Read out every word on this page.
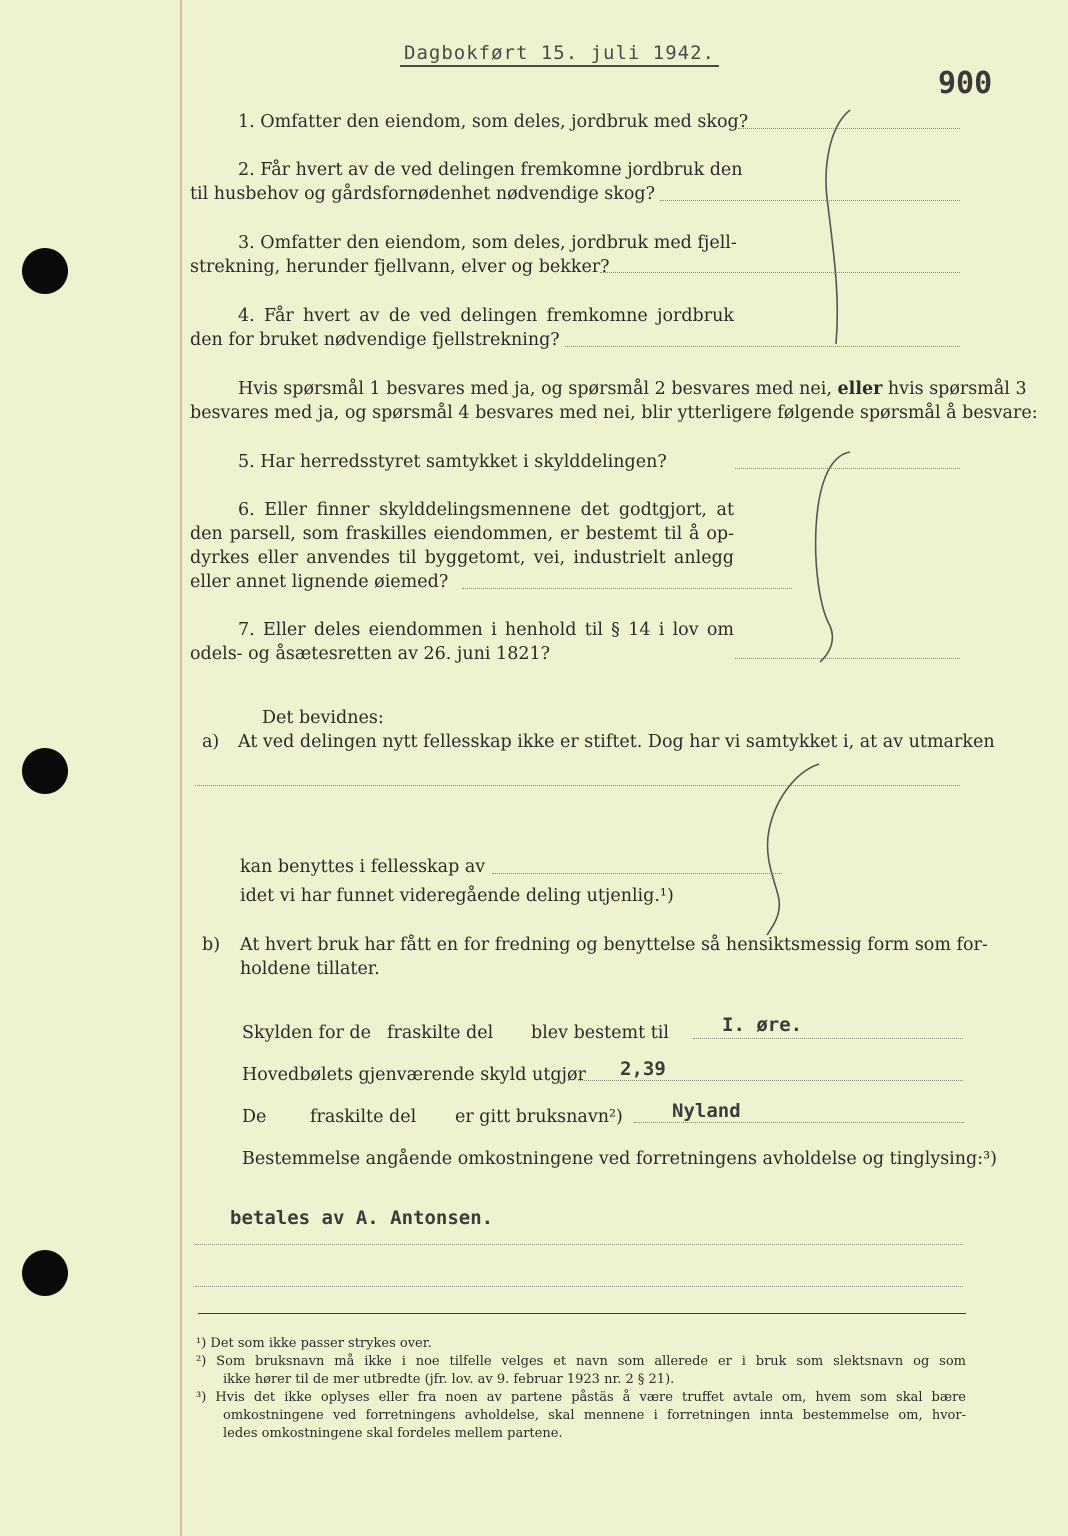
Dagbokført 15. juli 1942.
900
1. Omfatter den eiendom, som deles, jordbruk med skog?
2. Får hvert av de ved delingen fremkomne jordbruk den
til husbehov og gårdsfornødenhet nødvendige skog?
3. Omfatter den eiendom, som deles, jordbruk med fjell-
strekning, herunder fjellvann, elver og bekker?
4. Får hvert av de ved delingen fremkomne jordbruk
den for bruket nødvendige fjellstrekning?
Hvis spørsmål 1 besvares med ja, og spørsmål 2 besvares med nei, eller hvis spørsmål 3
besvares med ja, og spørsmål 4 besvares med nei, blir ytterligere følgende spørsmål å besvare:
5. Har herredsstyret samtykket i skylddelingen?
6. Eller finner skylddelingsmennene det godtgjort, at
den parsell, som fraskilles eiendommen, er bestemt til å op-
dyrkes eller anvendes til byggetomt, vei, industrielt anlegg
eller annet lignende øiemed?
7. Eller deles eiendommen i henhold til § 14 i lov om
odels- og åsætesretten av 26. juni 1821?
Det bevidnes:
a) At ved delingen nytt fellesskap ikke er stiftet. Dog har vi samtykket i, at av utmarken
kan benyttes i fellesskap av
idet vi har funnet videregående deling utjenlig.¹)
b) At hvert bruk har fått en for fredning og benyttelse så hensiktsmessig form som for-
holdene tillater.
Skylden for de fraskilte del blev bestemt til	I. øre.
Hovedbølets gjenværende skyld utgjør 2,39
De fraskilte del er gitt bruksnavn²)	Nyland
Bestemmelse angående omkostningene ved forretningens avholdelse og tinglysing:³)
betales av A. Antonsen.
¹) Det som ikke passer strykes over.
²) Som bruksnavn må ikke i noe tilfelle velges et navn som allerede er i bruk som slektsnavn og som
ikke hører til de mer utbredte (jfr. lov. av 9. februar 1923 nr. 2 § 21).
³) Hvis det ikke oplyses eller fra noen av partene påstäs å være truffet avtale om, hvem som skal bære
omkostningene ved forretningens avholdelse, skal mennene i forretningen innta bestemmelse om, hvor-
ledes omkostningene skal fordeles mellem partene.
